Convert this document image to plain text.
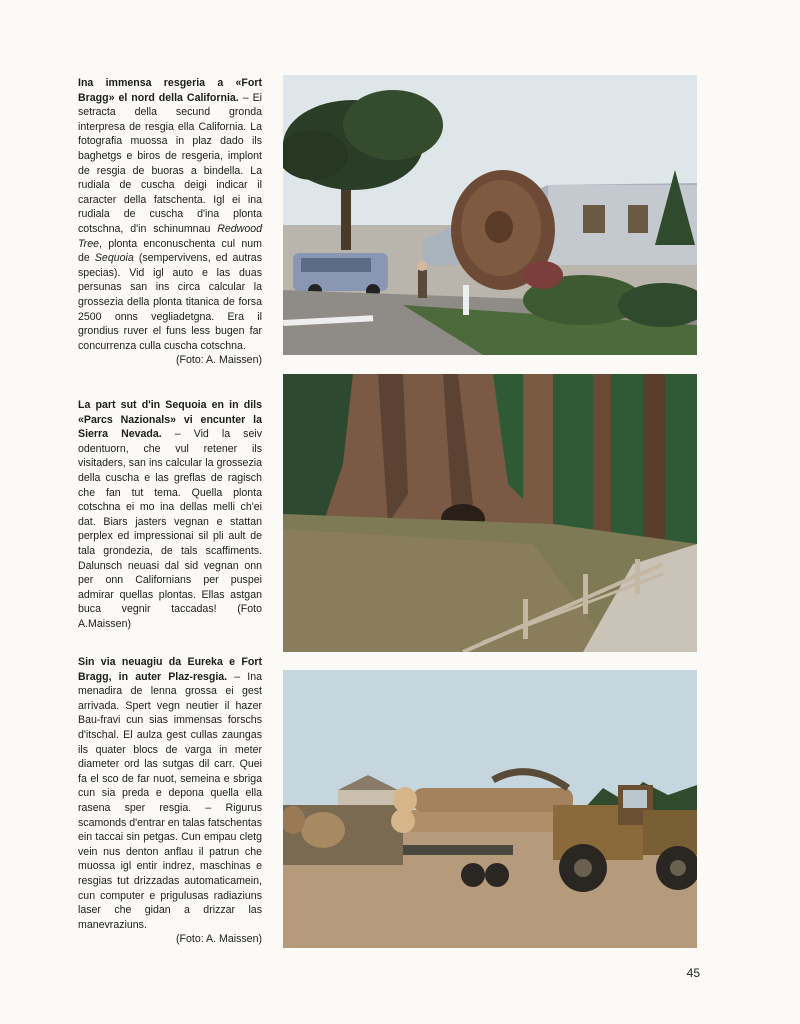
Ina immensa resgeria a «Fort Bragg» el nord della California. – Ei setracta della secund gronda interpresa de resgia ella California. La fotografia muossa in plaz dado ils baghetgs e biros de resgeria, implont de resgia de buoras a bindella. La rudiala de cuscha deigi indicar il caracter della fatschenta. Igl ei ina rudiala de cuscha d'ina plonta cotschna, d'in schinumnau Redwood Tree, plonta enconuschenta cul num de Sequoia (sempervivens, ed autras specias). Vid igl auto e las duas persunas san ins circa calcular la grossezia della plonta titanica de forsa 2500 onns vegliadetgna. Era il grondius ruver el funs less bugen far concurrenza culla cuscha cotschna.
(Foto: A. Maissen)
La part sut d'in Sequoia en in dils «Parcs Nazionals» vi encunter la Sierra Nevada. – Vid la seiv odentuorn, che vul retener ils visitaders, san ins calcular la grossezia della cuscha e las greflas de ragisch che fan tut tema. Quella plonta cotschna ei mo ina dellas melli ch'ei dat. Biars jasters vegnan e stattan perplex ed impressionai sil pli ault de tala grondezia, de tals scaffiments. Dalunsch neuasi dal sid vegnan onn per onn Californians per puspei admirar quellas plontas. Ellas astgan buca vegnir taccadas! (Foto A.Maissen)
Sin via neuagiu da Eureka e Fort Bragg, in auter Plaz-resgia. – Ina menadira de lenna grossa ei gest arrivada. Spert vegn neutier il hazer Bau-fravi cun sias immensas forschs d'itschal. El aulza gest cullas zaungas ils quater blocs de varga in meter diameter ord las sutgas dil carr. Quei fa el sco de far nuot, semeina e sbriga cun sia preda e depona quella ella rasena sper resgia. – Rigurus scamonds d'entrar en talas fatschentas ein taccai sin petgas. Cun empau cletg vein nus denton anflau il patrun che muossa igl entir indrez, maschinas e resgias tut drizzadas automaticamein, cun computer e prigulusas radiaziuns laser che gidan a drizzar las manevraziuns.
(Foto: A. Maissen)
45
